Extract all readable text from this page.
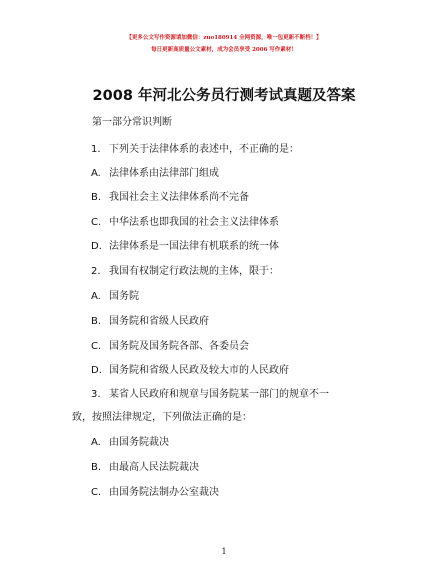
【更多公文写作资源请加微信：zuo180914 全网资源，唯一包更新不断档！】
每日更新高质量公文素材，成为会员享受 2006 写作素材！
2008 年河北公务员行测考试真题及答案
第一部分常识判断
1. 下列关于法律体系的表述中，不正确的是：
A. 法律体系由法律部门组成
B. 我国社会主义法律体系尚不完备
C. 中华法系也即我国的社会主义法律体系
D. 法律体系是一国法律有机联系的统一体
2. 我国有权制定行政法规的主体，限于：
A. 国务院
B. 国务院和省级人民政府
C. 国务院及国务院各部、各委员会
D. 国务院和省级人民政及较大市的人民政府
3. 某省人民政府和规章与国务院某一部门的规章不一
致，按照法律规定，下列做法正确的是：
A. 由国务院裁决
B. 由最高人民法院裁决
C. 由国务院法制办公室裁决
1
